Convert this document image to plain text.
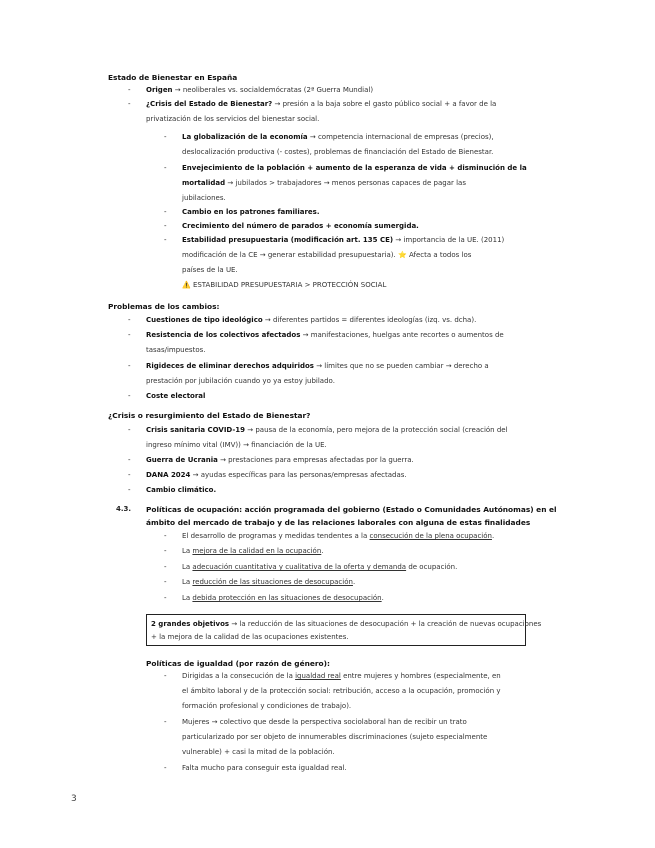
Estado de Bienestar en España
- Origen → neoliberales vs. socialdemócratas (2ª Guerra Mundial)
- ¿Crisis del Estado de Bienestar? → presión a la baja sobre el gasto público social + a favor de la
privatización de los servicios del bienestar social.
- La globalización de la economía → competencia internacional de empresas (precios),
deslocalización productiva (- costes), problemas de financiación del Estado de Bienestar.
- Envejecimiento de la población + aumento de la esperanza de vida + disminución de la
mortalidad → jubilados > trabajadores → menos personas capaces de pagar las
jubilaciones.
- Cambio en los patrones familiares.
- Crecimiento del número de parados + economía sumergida.
- Estabilidad presupuestaria (modificación art. 135 CE) → importancia de la UE. (2011)
modificación de la CE → generar estabilidad presupuestaria). ⭐ Afecta a todos los
países de la UE.
⚠️ ESTABILIDAD PRESUPUESTARIA > PROTECCIÓN SOCIAL
Problemas de los cambios:
- Cuestiones de tipo ideológico → diferentes partidos = diferentes ideologías (izq. vs. dcha).
- Resistencia de los colectivos afectados → manifestaciones, huelgas ante recortes o aumentos de
tasas/impuestos.
- Rigideces de eliminar derechos adquiridos → límites que no se pueden cambiar → derecho a
prestación por jubilación cuando yo ya estoy jubilado.
- Coste electoral
¿Crisis o resurgimiento del Estado de Bienestar?
- Crisis sanitaria COVID-19 → pausa de la economía, pero mejora de la protección social (creación del
ingreso mínimo vital (IMV)) → financiación de la UE.
- Guerra de Ucrania → prestaciones para empresas afectadas por la guerra.
- DANA 2024 → ayudas específicas para las personas/empresas afectadas.
- Cambio climático.
4.3. Políticas de ocupación: acción programada del gobierno (Estado o Comunidades Autónomas) en el
ámbito del mercado de trabajo y de las relaciones laborales con alguna de estas finalidades
- El desarrollo de programas y medidas tendentes a la consecución de la plena ocupación.
- La mejora de la calidad en la ocupación.
- La adecuación cuantitativa y cualitativa de la oferta y demanda de ocupación.
- La reducción de las situaciones de desocupación.
- La debida protección en las situaciones de desocupación.
2 grandes objetivos → la reducción de las situaciones de desocupación + la creación de nuevas ocupaciones
+ la mejora de la calidad de las ocupaciones existentes.
Políticas de igualdad (por razón de género):
- Dirigidas a la consecución de la igualdad real entre mujeres y hombres (especialmente, en
el ámbito laboral y de la protección social: retribución, acceso a la ocupación, promoción y
formación profesional y condiciones de trabajo).
- Mujeres → colectivo que desde la perspectiva sociolaboral han de recibir un trato
particularizado por ser objeto de innumerables discriminaciones (sujeto especialmente
vulnerable) + casi la mitad de la población.
- Falta mucho para conseguir esta igualdad real.
3
